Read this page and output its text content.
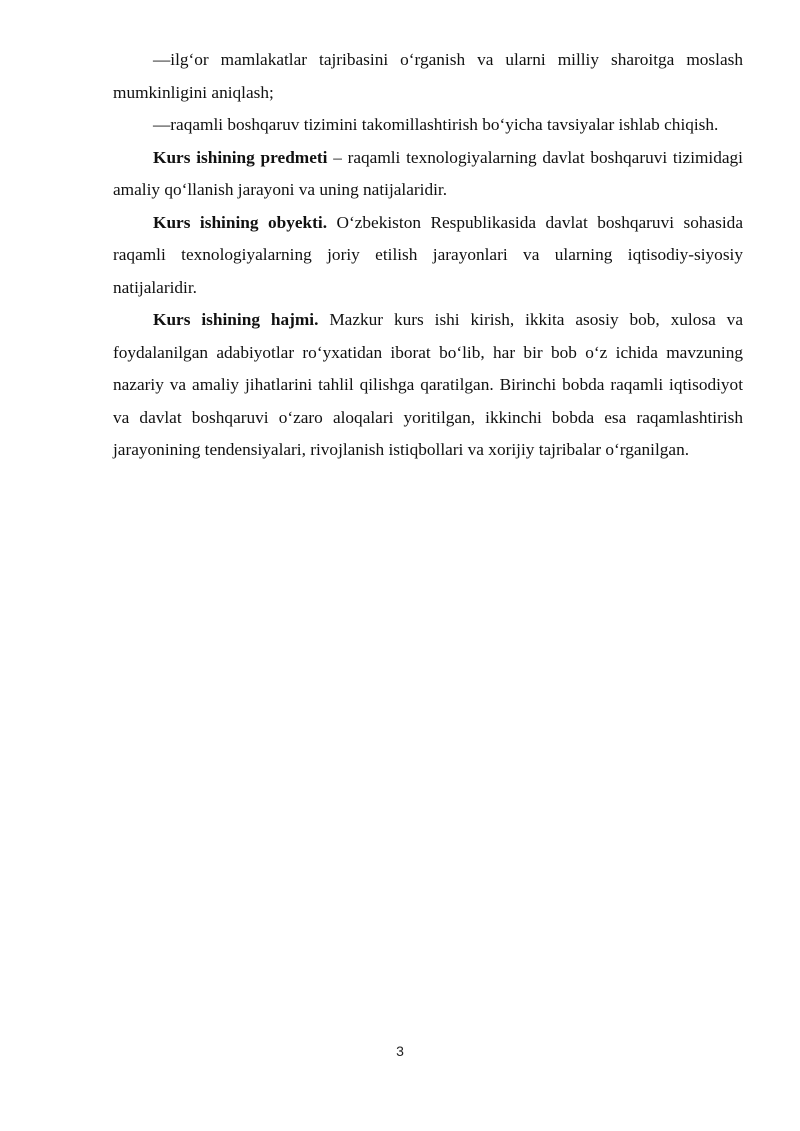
—ilg‘or mamlakatlar tajribasini o‘rganish va ularni milliy sharoitga moslash mumkinligini aniqlash;

—raqamli boshqaruv tizimini takomillashtirish bo‘yicha tavsiyalar ishlab chiqish.

Kurs ishining predmeti – raqamli texnologiyalarning davlat boshqaruvi tizimidagi amaliy qo‘llanish jarayoni va uning natijalaridir.

Kurs ishining obyekti. O‘zbekiston Respublikasida davlat boshqaruvi sohasida raqamli texnologiyalarning joriy etilish jarayonlari va ularning iqtisodiy-siyosiy natijalaridir.

Kurs ishining hajmi. Mazkur kurs ishi kirish, ikkita asosiy bob, xulosa va foydalanilgan adabiyotlar ro‘yxatidan iborat bo‘lib, har bir bob o‘z ichida mavzuning nazariy va amaliy jihatlarini tahlil qilishga qaratilgan. Birinchi bobda raqamli iqtisodiyot va davlat boshqaruvi o‘zaro aloqalari yoritilgan, ikkinchi bobda esa raqamlashtirish jarayonining tendensiyalari, rivojlanish istiqbollari va xorijiy tajribalar o‘rganilgan.

3
